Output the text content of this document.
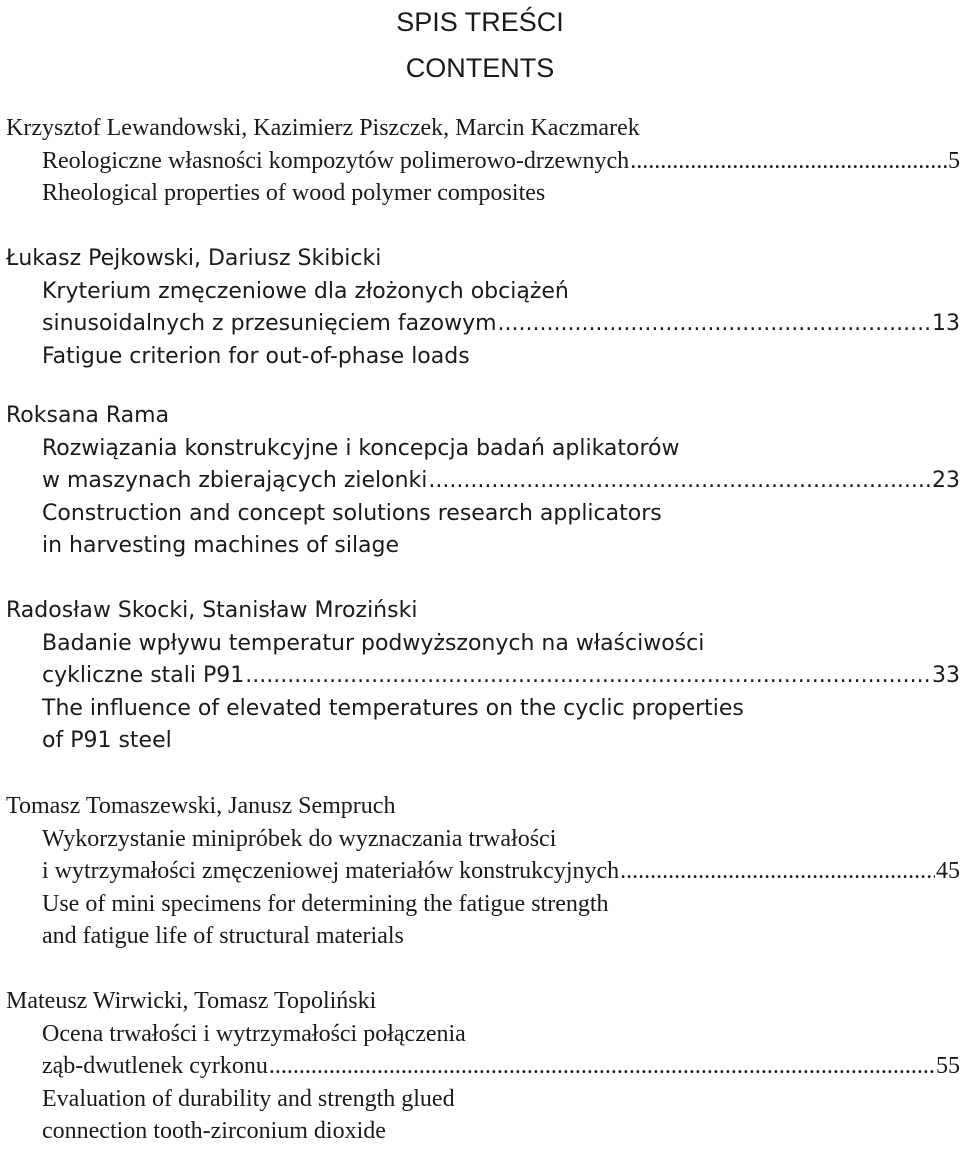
SPIS TREŚCI
CONTENTS
Krzysztof Lewandowski, Kazimierz Piszczek, Marcin Kaczmarek
Reologiczne własności kompozytów polimerowo-drzewnych .....	5
Rheological properties of wood polymer composites
Łukasz Pejkowski, Dariusz Skibicki
Kryterium zmęczeniowe dla złożonych obciążeń
sinusoidalnych z przesunięciem fazowym .....	13
Fatigue criterion for out-of-phase loads
Roksana Rama
Rozwiązania konstrukcyjne i koncepcja badań aplikatorów
w maszynach zbierających zielonki .....	23
Construction and concept solutions research applicators
in harvesting machines of silage
Radosław Skocki, Stanisław Mroziński
Badanie wpływu temperatur podwyższonych na właściwości
cykliczne stali P91 .....	33
The influence of elevated temperatures on the cyclic properties
of P91 steel
Tomasz Tomaszewski, Janusz Sempruch
Wykorzystanie minipróbek do wyznaczania trwałości
i wytrzymałości zmęczeniowej materiałów konstrukcyjnych .....	45
Use of mini specimens for determining the fatigue strength
and fatigue life of structural materials
Mateusz Wirwicki, Tomasz Topoliński
Ocena trwałości i wytrzymałości połączenia
ząb-dwutlenek cyrkonu .....	55
Evaluation of durability and strength glued
connection tooth-zirconium dioxide
